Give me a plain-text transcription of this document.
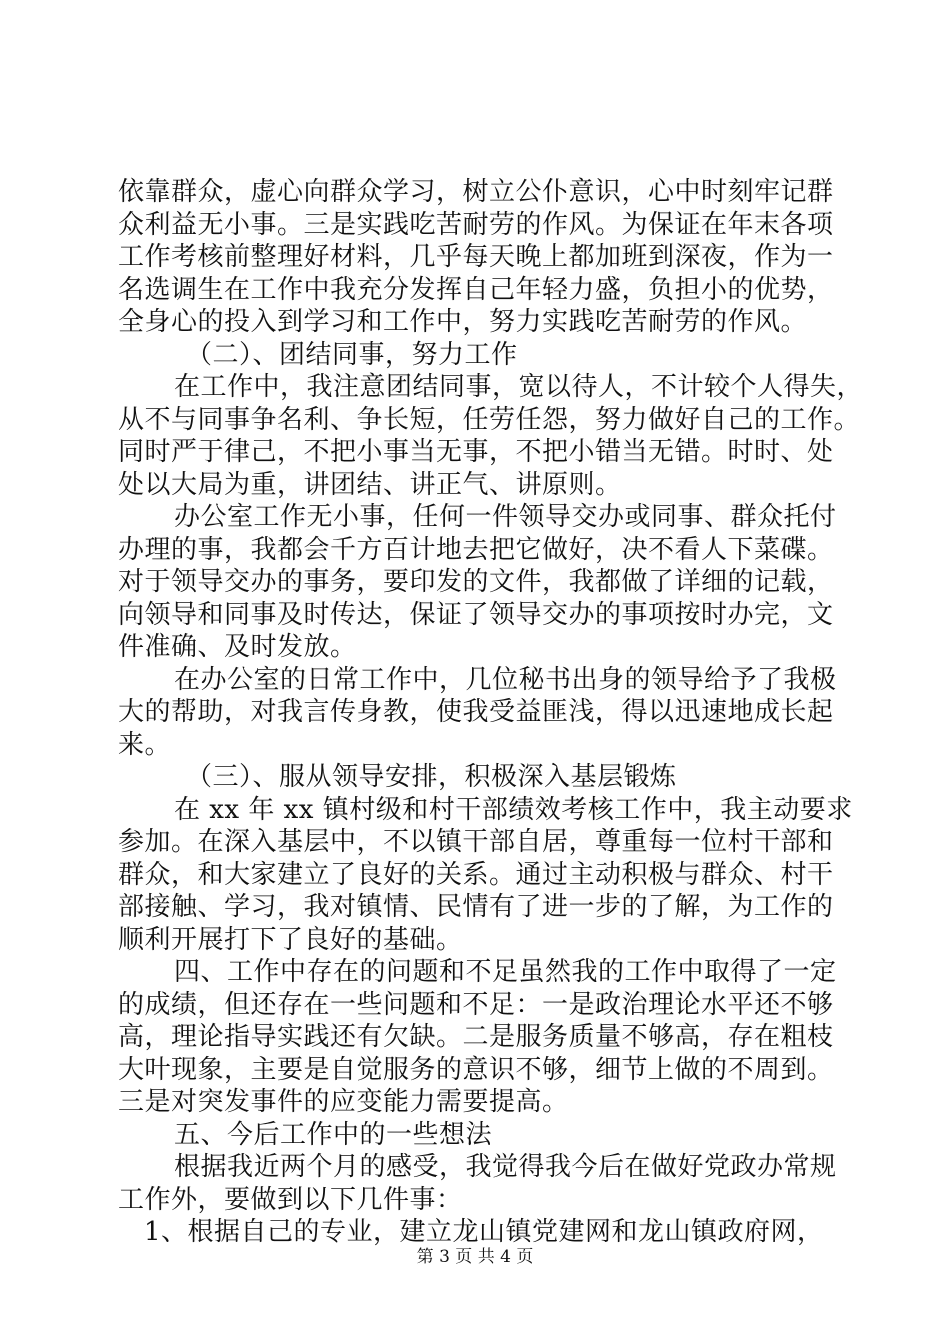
依靠群众，虚心向群众学习，树立公仆意识，心中时刻牢记群
众利益无小事。三是实践吃苦耐劳的作风。为保证在年末各项
工作考核前整理好材料，几乎每天晚上都加班到深夜，作为一
名选调生在工作中我充分发挥自己年轻力盛，负担小的优势，
全身心的投入到学习和工作中，努力实践吃苦耐劳的作风。
（二）、团结同事，努力工作
在工作中，我注意团结同事，宽以待人，不计较个人得失，
从不与同事争名利、争长短，任劳任怨，努力做好自己的工作。
同时严于律己，不把小事当无事，不把小错当无错。时时、处
处以大局为重，讲团结、讲正气、讲原则。
办公室工作无小事，任何一件领导交办或同事、群众托付
办理的事，我都会千方百计地去把它做好，决不看人下菜碟。
对于领导交办的事务，要印发的文件，我都做了详细的记载，
向领导和同事及时传达，保证了领导交办的事项按时办完，文
件准确、及时发放。
在办公室的日常工作中，几位秘书出身的领导给予了我极
大的帮助，对我言传身教，使我受益匪浅，得以迅速地成长起
来。
（三）、服从领导安排，积极深入基层锻炼
在 xx 年 xx 镇村级和村干部绩效考核工作中，我主动要求
参加。在深入基层中，不以镇干部自居，尊重每一位村干部和
群众，和大家建立了良好的关系。通过主动积极与群众、村干
部接触、学习，我对镇情、民情有了进一步的了解，为工作的
顺利开展打下了良好的基础。
四、工作中存在的问题和不足虽然我的工作中取得了一定
的成绩，但还存在一些问题和不足：一是政治理论水平还不够
高，理论指导实践还有欠缺。二是服务质量不够高，存在粗枝
大叶现象，主要是自觉服务的意识不够，细节上做的不周到。
三是对突发事件的应变能力需要提高。
五、今后工作中的一些想法
根据我近两个月的感受，我觉得我今后在做好党政办常规
工作外，要做到以下几件事：
1、根据自己的专业，建立龙山镇党建网和龙山镇政府网，
第 3 页 共 4 页
